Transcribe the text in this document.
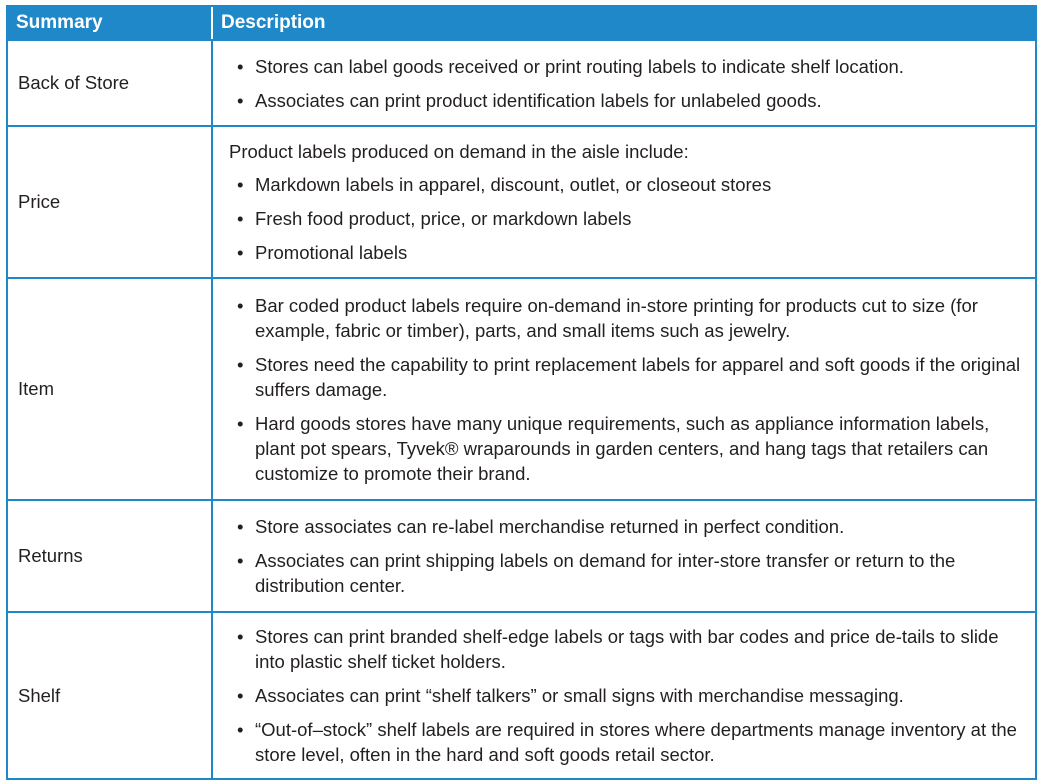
Summary	Description
Back of Store
• Stores can label goods received or print routing labels to indicate shelf location.
• Associates can print product identification labels for unlabeled goods.
Price
Product labels produced on demand in the aisle include:
• Markdown labels in apparel, discount, outlet, or closeout stores
• Fresh food product, price, or markdown labels
• Promotional labels
Item
• Bar coded product labels require on-demand in-store printing for products cut to size (for example, fabric or timber), parts, and small items such as jewelry.
• Stores need the capability to print replacement labels for apparel and soft goods if the original suffers damage.
• Hard goods stores have many unique requirements, such as appliance information labels, plant pot spears, Tyvek® wraparounds in garden centers, and hang tags that retailers can customize to promote their brand.
Returns
• Store associates can re-label merchandise returned in perfect condition.
• Associates can print shipping labels on demand for inter-store transfer or return to the distribution center.
Shelf
• Stores can print branded shelf-edge labels or tags with bar codes and price de-tails to slide into plastic shelf ticket holders.
• Associates can print “shelf talkers” or small signs with merchandise messaging.
• “Out-of–stock” shelf labels are required in stores where departments manage inventory at the store level, often in the hard and soft goods retail sector.
